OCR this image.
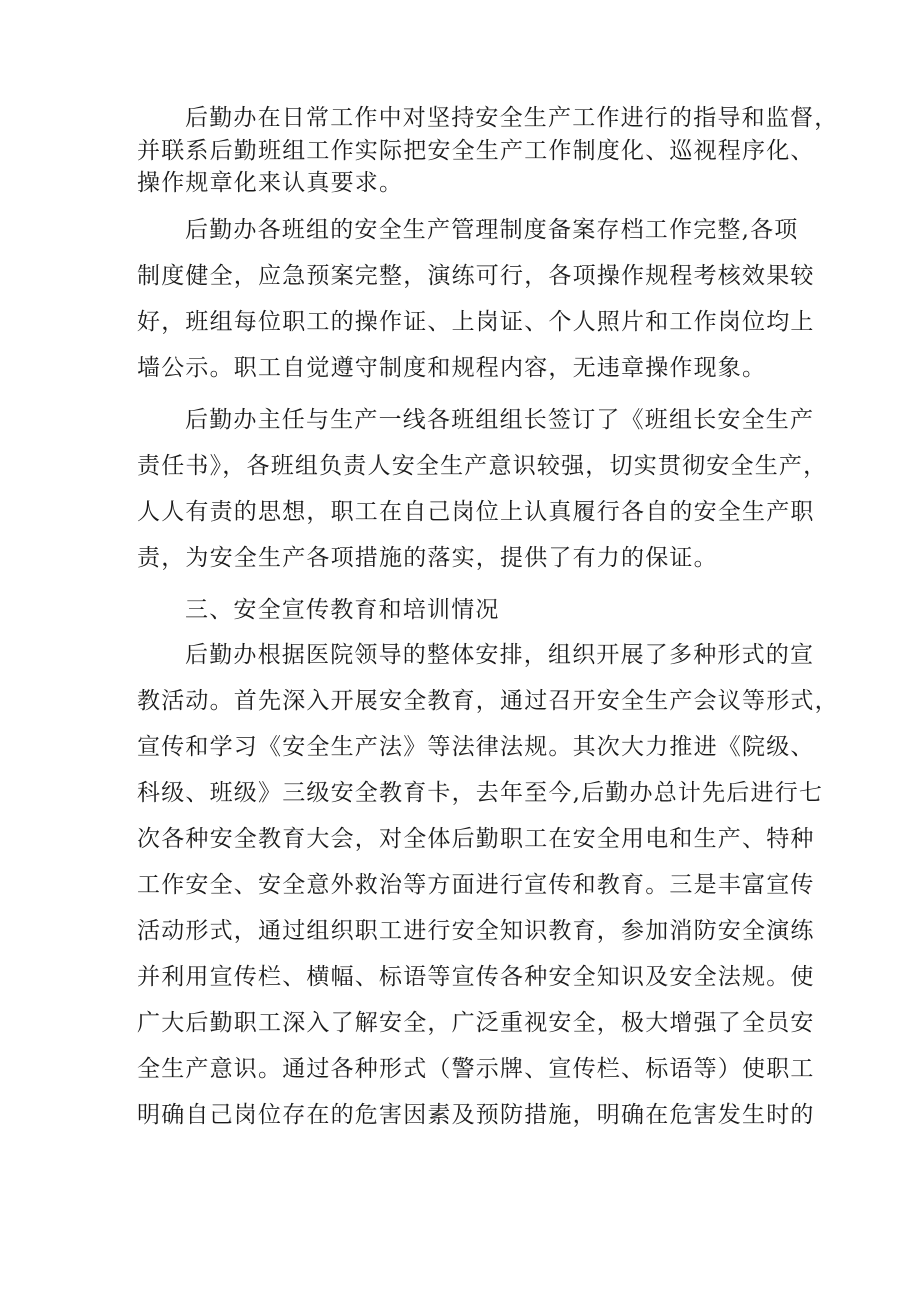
后勤办在日常工作中对坚持安全生产工作进行的指导和监督，
并联系后勤班组工作实际把安全生产工作制度化、巡视程序化、
操作规章化来认真要求。
后勤办各班组的安全生产管理制度备案存档工作完整,各项
制度健全，应急预案完整，演练可行，各项操作规程考核效果较
好，班组每位职工的操作证、上岗证、个人照片和工作岗位均上
墙公示。职工自觉遵守制度和规程内容，无违章操作现象。
后勤办主任与生产一线各班组组长签订了《班组长安全生产
责任书》，各班组负责人安全生产意识较强，切实贯彻安全生产，
人人有责的思想，职工在自己岗位上认真履行各自的安全生产职
责，为安全生产各项措施的落实，提供了有力的保证。
三、安全宣传教育和培训情况
后勤办根据医院领导的整体安排，组织开展了多种形式的宣
教活动。首先深入开展安全教育，通过召开安全生产会议等形式，
宣传和学习《安全生产法》等法律法规。其次大力推进《院级、
科级、班级》三级安全教育卡，去年至今,后勤办总计先后进行七
次各种安全教育大会，对全体后勤职工在安全用电和生产、特种
工作安全、安全意外救治等方面进行宣传和教育。三是丰富宣传
活动形式，通过组织职工进行安全知识教育，参加消防安全演练
并利用宣传栏、横幅、标语等宣传各种安全知识及安全法规。使
广大后勤职工深入了解安全，广泛重视安全，极大增强了全员安
全生产意识。通过各种形式（警示牌、宣传栏、标语等）使职工
明确自己岗位存在的危害因素及预防措施，明确在危害发生时的
